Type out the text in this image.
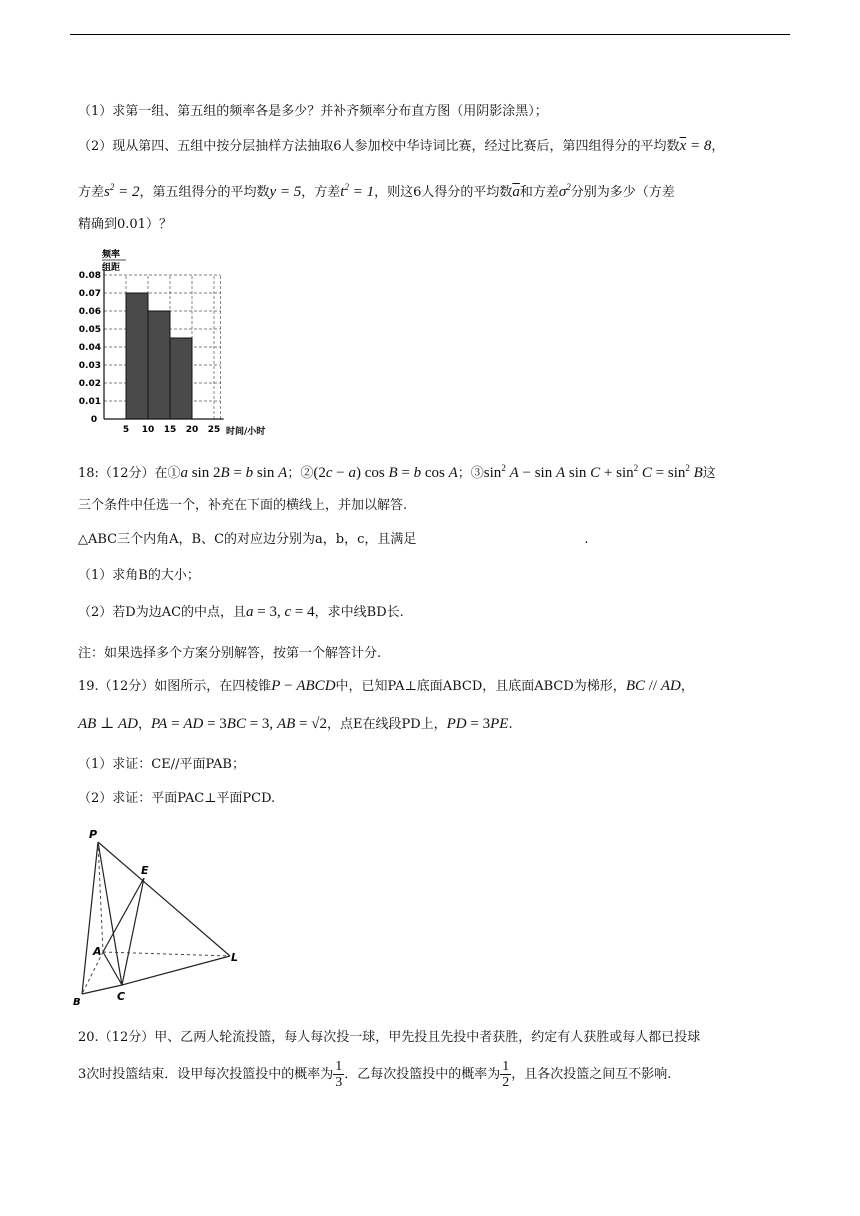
（1）求第一组、第五组的频率各是多少？并补齐频率分布直方图（用阴影涂黑）；
（2）现从第四、五组中按分层抽样方法抽取6人参加校中华诗词比赛，经过比赛后，第四组得分的平均数$\overline{x} = 8$，
方差$s^2 = 2$，第五组得分的平均数y = 5，方差$t^2 = 1$，则这6人得分的平均数$\overline{a}$和方差$\sigma^2$分别为多少（方差
精确到0.01）？
频率
组距
0.01
0.02
0.03
0.04
0.05
0.06
0.07
0.08
0
5 10 15 20 25 时间/小时
18:（12分）在①a sin 2B = b sin A；②(2c − a) cos B = b cos A；$③\sin^2$ A − sin A $\sin C + \sin^2 C = \sin^2 B$这
三个条件中任选一个，补充在下面的横线上，并加以解答.
△ABC三个内角A，B、C的对应边分别为a，b，c，且满足	.
（1）求角B的大小；
（2）若D为边AC的中点，且a = 3, c = 4，求中线BD长.
注：如果选择多个方案分别解答，按第一个解答计分.
19.（12分）如图所示，在四棱锥P − ABCD中，已知PA⊥底面ABCD，且底面ABCD为梯形，BC // AD，
AB ⊥ AD，PA = AD = 3BC = 3, AB = √2，点E在线段PD上，PD = 3PE.
（1）求证：CE//平面PAB；
（2）求证：平面PAC⊥平面PCD.
P
E
A	L
B	C
20.（12分）甲、乙两人轮流投篮，每人每次投一球，甲先投且先投中者获胜，约定有人获胜或每人都已投球
3次时投篮结束．设甲每次投篮投中的概率为 $\frac{1}{3}$ ．乙每次投篮投中的概率为 $\frac{1}{2}$ ，且各次投篮之间互不影响.
